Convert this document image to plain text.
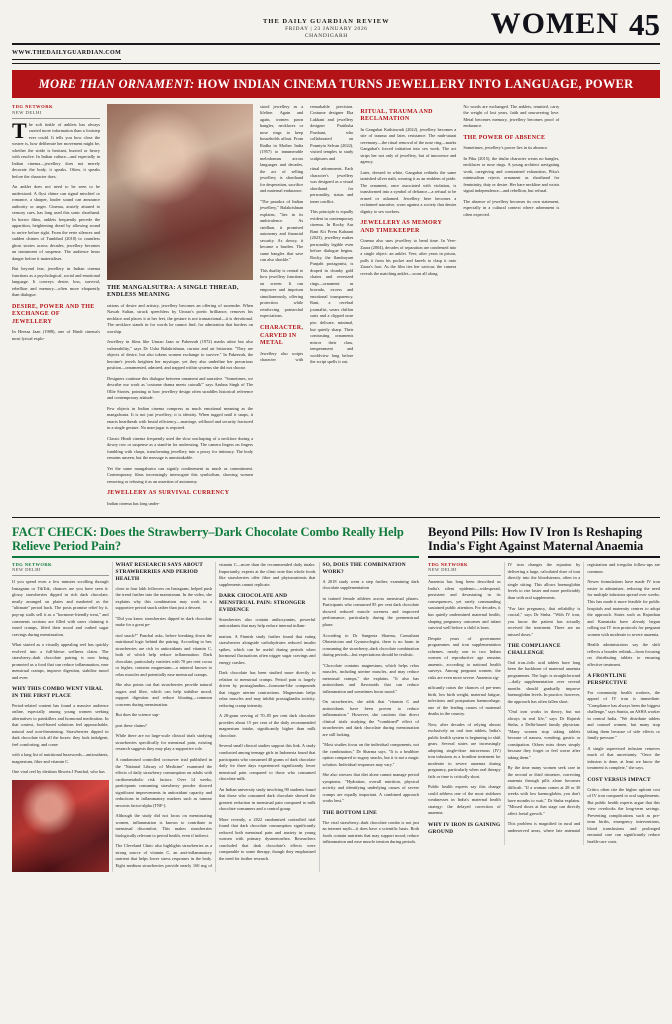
THE DAILY GUARDIAN REVIEW
FRIDAY | 23 JANUARY 2026
CHANDIGARH	WOMEN 45
WWW.THEDAILYGUARDIAN.COM
MORE THAN ORNAMENT: HOW INDIAN CINEMA TURNS JEWELLERY INTO LANGUAGE, POWER
TDG NETWORK
NEW DELHI

The soft tinkle of anklets has always carried more information than a footstep ever could. It tells you how close the wearer is, how deliberate her movement might be, whether the stride is hesitant, hurried or heavy with resolve. In Indian culture—and especially in Indian cinema—jewellery does not merely decorate the body, it speaks. Often, it speaks before the character does.

An anklet does not need to be seen to be understood. A flyst chime can signal mischief or romance, a sharper, louder sound can announce authority or anger. Cinema, acutely attuned to sensory cues, has long used this sonic shorthand. In horror films, anklets frequently precede the apparition, heightening dread by allowing sound to arrive before sight. From the eerie silences and sudden chimes of Tumbbad (2018) to countless ghost stories across decades, jewellery becomes an instrument of suspense. The audience hears danger before it materialises.

But beyond fear, jewellery in Indian cinema functions as a psychological, social and emotional language. It conveys desire, loss, survival, rebellion and memory—often more eloquently than dialogue.

DESIRE, POWER AND THE EXCHANGE OF JEWELLERY

In Heeraa Jaan (1988), one of Hindi cinema's most lyrical explo-

THE MANGALSUTRA: A SINGLE THREAD, ENDLESS MEANING

rations of desire and artistry, jewellery becomes an offering of surrender. When Nawab Sultan, struck speechless by Umrao's poetic brilliance, removes his necklace and places it at her feet, the gesture is not transactional—it is devotional. The necklace stands in for words he cannot find, for admiration that borders on worship.

Jewellery in films like Umrao Jaan or Pakeezah (1972) marks attire but also vulnerability," says Dr Usha Balakrishnan, curator and art historian. "They are objects of desire, but also tokens women exchange to survive." In Pakeezah, the heroine's jewels heighten her mystique, yet they also underline her precarious position—ornamented, admired, and trapped within systems she did not choose.

Designers continue this dialogue between ornament and narrative. "Sometimes, we describe our work as 'costume drama meets catwalk'" says Aashna Singh of The Ollie Stories, pointing to how jewellery design often straddles historical reference and contemporary attitude.

Few objects in Indian cinema compress as much emotional meaning as the mangalsutra. It is not just jewellery; it is identity. When tugged until it snaps, it enacts heartbreak with brutal efficiency—marriage, selfhood and security fractured in a single gesture. No man-jagar is required.

Classic Hindi cinema frequently used the slow unclasping of a necklace during a dowry row or suspense as a stand-in for undressing. The camera lingers on fingers fumbling with clasps, transforming jewellery into a proxy for intimacy. The body remains unseen, but the message is unmistakable.

Yet the same mangalsutra can signify confinement as much as commitment. Contemporary films increasingly interrogate this symbolism, showing women removing or refusing it as an assertion of autonomy.

JEWELLERY AS SURVIVAL CURRENCY

Indian cinema has long under-

stood jewellery as a lifeline. Again and again, women pawn bangles, necklaces or nose rings to keep households afloat. From Radha in Mother India (1957) to innumerable melodramas across languages and decades, the act of selling jewellery is shorthand for desperation, sacrifice and maternal endurance.

"The paradox of Indian jewellery," Balakrishnan explains, "lies in its ambivalence. As stridhan, it promised autonomy and financial security. As dowry, it became a burden. The same bangles that save can also shackle."

This duality is central to how jewellery functions on screen. It can empower and imprison simultaneously, offering protection while reinforcing patriarchal expectations.

CHARACTER, CARVED IN METAL

Jewellery also scripts character with remarkable precision. Costume designer Eka Lakhani and jewellery designer Pratiksha Prashant, who collaborated on Ponniyin Selvan (2022), visited temples to study sculptures and

ritual adornments. Each character's jewellery was designed as a visual shorthand for personality, status and inner conflict.

This principle is equally evident in contemporary cinema. In Rocky Aur Rani Kii Prem Kahaani (2023), jewellery makes personality legible even before dialogue begins. Rocky, the flamboyant Punjabi protagonist, is draped in chunky gold chains and oversized rings—ornament as bravado, excess and emotional transparency. Rani, a cerebral journalist, wears chiffon saris and a clipped nose pin: delicate, minimal, but quietly sharp. Their contrasting ornaments mirror their class, temperament and worldview long before the script spells it out.

RITUAL, TRAUMA AND RECLAMATION

In Gangubai Kathiawadi (2022), jewellery becomes a site of trauma and later, resistance. The nath-utarai ceremony—the ritual removal of the nose ring—marks Gangubai's forced initiation into sex work. The act strips her not only of jewellery, but of innocence and agency.

Later, dressed in white, Gangubai rethinks the same tarnished silver nath, wearing it as an emblem of pride. The ornament, once associated with violation, is transformed into a symbol of defiance—a refusal to be erased or ashamed. Jewellery here becomes a reclaimed narrative, worn against a society that denies dignity to sex workers.

JEWELLERY AS MEMORY AND TIMEKEEPER

Cinema also uses jewellery to bend time. In Veer-Zaara (2004), decades of separation are condensed into a single object: an anklet. Veer, after years in prison, pulls it from his pocket and kneels to clasp it onto Zaara's foot. As the film ties her saviour, the camera reveals the matching anklet—worn all along.

No words are exchanged. The anklets, reunited, carry the weight of lost years, faith and unwavering love. Metal becomes memory, jewellery becomes proof of endurance.

THE POWER OF ABSENCE

Sometimes, jewellery's power lies in its absence.

In Piku (2015), the titular character wears no bangles, necklaces or nose rings. A young architect navigating work, caregiving and constrained exhaustion, Piku's minimalism rejects ornament as shorthand for femininity, duty or desire. Her bare neckline and wrists signal independence—and rebellion, but refusal.

The absence of jewellery becomes its own statement, especially in a cultural context where adornment is often expected.

FACT CHECK: Does the Strawberry–Dark Chocolate Combo Really Help Relieve Period Pain?
TDG NETWORK
NEW DELHI

If you spend even a few minutes scrolling through Instagram or TikTok, chances are you have seen it: glossy strawberries dipped in rich dark chocolate, neatly arranged on plates and marketed as the "ultimate" period hack. The posts promise relief by it, pop-up stalls sell it as a "hormone-friendly treat," and comments sections are filled with users claiming it eased cramps, lifted their mood and curbed sugar cravings during menstruation.

What started as a visually appealing reel has quickly evolved into a full-blown wellness claim. The strawberry–dark chocolate pairing is now being promoted as a food that can reduce inflammation, ease menstrual cramps, improve digestion, stabilise mood and even

WHY THIS COMBO WENT VIRAL IN THE FIRST PLACE

Period-related content has found a massive audience online, especially among young women seeking alternatives to painkillers and hormonal medication. In that context, food-based solutions feel approachable, natural and non-threatening. Strawberries dipped in dark chocolate tick all the boxes: they look indulgent, feel comforting, and come

with a long list of nutritional buzzwords—antioxidants, magnesium, fibre and vitamin C.

One viral reel by dietitian Shweta J Panchal, who has

WHAT RESEARCH SAYS ABOUT STRAWBERRIES AND PERIOD HEALTH

close to four lakh followers on Instagram, helped push the trend further into the mainstream. In the video, she explains why this combination may work in a supportive period snack rather than just a dessert.

"Did you know strawberries dipped in dark chocolate make for a great pe-

riod snack?" Panchal asks, before breaking down the nutritional logic behind the pairing. According to her, strawberries are rich in antioxidants and vitamin C, both of which help reduce inflammation. Dark chocolate, particularly varieties with 70 per cent cocoa or higher, contains magnesium—a mineral known to relax muscles and potentially ease menstrual cramps.

She also points out that strawberries provide natural sugars and fibre, which can help stabilise mood, support digestion and reduce bloating—common concerns during menstruation.

But does the science sup-

port these claims?

While there are no large-scale clinical trials studying strawberries specifically for menstrual pain, existing research suggests they may play a supportive role.

A randomised controlled crossover trial published in the "National Library of Medicine" examined the effects of daily strawberry consumption on adults with cardiometabolic risk factors. Over 14 weeks, participants consuming strawberry powder showed significant improvements in antioxidant capacity and reductions in inflammatory markers such as tumour necrosis factor-alpha (TNF-).

Although the study did not focus on menstruating women, inflammation is known to contribute to menstrual discomfort. This makes strawberries biologically relevant to period health, even if indirect.

The Cleveland Clinic also highlights strawberries as a strong source of vitamin C, an anti-inflammatory nutrient that helps lower stress responses in the body. Eight medium strawberries provide nearly 160 mg of vitamin C—more than the recommended daily intake. Importantly, experts at the clinic note that whole foods like strawberries offer fibre and phytonutrients that supplements cannot replicate.

DARK CHOCOLATE AND MENSTRUAL PAIN: STRONGER EVIDENCE

Strawberries also contain anthocyanins, powerful antioxidants that may help reduce internal inflam-

mation. A Finnish study further found that eating strawberries alongside carbohydrates reduced insulin spikes, which can be useful during periods when hormonal fluctuations often trigger sugar cravings and energy crashes.

Dark chocolate has been studied more directly in relation to menstrual cramps. Period pain is largely driven by prostaglandins—hormone-like compounds that trigger uterine contractions. Magnesium helps relax muscles and may inhibit prostaglandin activity, reducing cramp intensity.

A 28-gram serving of 70–85 per cent dark chocolate provides about 15 per cent of the daily recommended magnesium intake, significantly higher than milk chocolate.

Several small clinical studies support this link. A study conducted among teenage girls in Indonesia found that participants who consumed 40 grams of dark chocolate daily for three days experienced significantly lower menstrual pain compared to those who consumed chocolate milk.

An Indian university study involving 90 students found that those who consumed dark chocolate showed the greatest reduction in menstrual pain compared to milk chocolate consumers and a control group.

More recently, a 2022 randomised controlled trial found that dark chocolate consumption significantly reduced both menstrual pain and anxiety in young women with primary dysmenorrhea. Researchers concluded that dark chocolate's effects were comparable to some therapy, though they emphasised the need for further research.

SO, DOES THE COMBINATION WORK?

A 2018 study went a step further, examining dark chocolate supplementation

in trained female athletes across menstrual phases. Participants who consumed 85 per cent dark chocolate showed reduced muscle soreness and improved performance, particularly during the premenstrual phase.

According to Dr Sangeeta Sharma, Consultant Obstetrician and Gynaecologist, there is no harm in consuming the strawberry–dark chocolate combination during periods—but expectations should be realistic.

"Chocolate contains magnesium, which helps relax muscles, including uterine muscles, and may reduce menstrual cramps," she explains. "It also has antioxidants and flavonoids that can reduce inflammation and sometimes boost mood."

On strawberries, she adds that "vitamin C and antioxidants have been proven to reduce inflammation." However, she cautions that direct clinical trials studying the *combined* effect of strawberries and dark chocolate during menstruation are still lacking.

"Most studies focus on the individual components, not the combination," Dr Sharma says. "It is a healthier option compared to sugary snacks, but it is not a magic solution. Individual responses may vary."

She also stresses that diet alone cannot manage period symptoms. "Hydration, overall nutrition, physical activity and identifying underlying causes of severe cramps are equally important. A combined approach works best."

THE BOTTOM LINE

The viral strawberry–dark chocolate combo is not just an internet myth—it does have a scientific basis. Both foods contain nutrients that may support mood, reduce inflammation and ease muscle tension during periods.

Beyond Pills: How IV Iron Is Reshaping India's Fight Against Maternal Anaemia
TDG NETWORK
NEW DELHI

Anaemia has long been described as India's silent epidemic—widespread, persistent and devastating in its consequences, yet rarely commanding sustained public attention. For decades, it has quietly undermined maternal health, shaping pregnancy outcomes and infant survival well before a child is born.

Despite years of government programmes and iron supplementation schemes, nearly one in two Indian women of reproductive age remains anaemic, according to national health surveys. Among pregnant women, the risks are even more severe. Anaemia sig-

nificantly raises the chances of pre-term birth, low birth weight, maternal fatigue, infections and postpartum haemorrhage, one of the leading causes of maternal deaths in the country.

Now, after decades of relying almost exclusively on oral iron tablets, India's public health system is beginning to shift gears. Several states are increasingly adopting single-dose intravenous (IV) iron infusions as a frontline treatment for moderate to severe anaemia during pregnancy, particularly when oral therapy fails or time is critically short.

Public health experts say this change could address one of the most stubborn weaknesses in India's maternal health strategy: the delayed correction of anaemia.

WHY IV IRON IS GAINING GROUND

IV iron changes the equation by delivering a large, calculated dose of iron directly into the bloodstream, often in a single sitting. This allows haemoglobin levels to rise faster and more predictably than with oral supplements.

"For late pregnancy, that reliability is crucial," says Dr Sinha. "With IV iron, you know the patient has actually received the treatment. There are no missed doses."

THE COMPLIANCE CHALLENGE

Oral iron–folic acid tablets have long been the backbone of maternal anaemia programmes. The logic is straightforward—daily supplementation over several months should gradually improve haemoglobin levels. In practice, however, the approach has often fallen short.

"Oral iron works in theory, but not always in real life," says Dr Rajnish Sinha, a Delhi-based family physician. "Many women stop taking tablets because of nausea, vomiting, gastric or constipation. Others miss doses simply because they forget or feel worse after taking them."

By the time many women seek care in the second or third trimester, correcting anaemia through pills alone becomes difficult. "If a woman comes at 28 or 30 weeks with low haemoglobin, you don't have months to wait," Dr Sinha explains. "Missed doses at that stage can directly affect foetal growth."

This problem is magnified in rural and underserved areas, where late antenatal registration and irregular follow-ups are common.

Newer formulations have made IV iron easier to administer, reducing the need for multiple infusions spread over weeks. This has made it more feasible for public hospitals and maternity centres to adopt the approach. States such as Rajasthan and Karnataka have already begun rolling out IV iron protocols for pregnant women with moderate to severe anaemia.

Health administrators say the shift reflects a broader rethink—from focusing on distributing tablets to ensuring effective treatment.

A FRONTLINE PERSPECTIVE

For community health workers, the appeal of IV iron is immediate. "Compliance has always been the biggest challenge," says Sunita, an ASHA worker in central India. "We distribute tablets and counsel women, but many stop taking them because of side effects or family pressure."

A single supervised infusion removes much of that uncertainty. "Once the infusion is done, at least we know the treatment is complete," she says.

COST VERSUS IMPACT

Critics often cite the higher upfront cost of IV iron compared to oral supplements. But public health experts argue that this view overlooks the long-term savings. Preventing complications such as pre-term births, emergency interventions, blood transfusions and prolonged neonatal care can significantly reduce health-care costs.
